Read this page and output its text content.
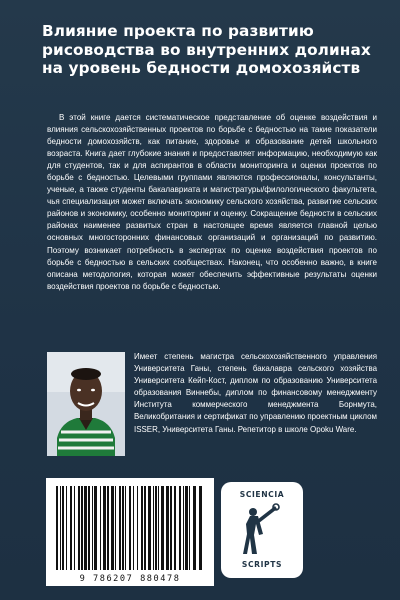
Влияние проекта по развитию рисоводства во внутренних долинах на уровень бедности домохозяйств

В этой книге дается систематическое представление об оценке воздействия и влияния сельскохозяйственных проектов по борьбе с бедностью на такие показатели бедности домохозяйств, как питание, здоровье и образование детей школьного возраста. Книга дает глубокие знания и предоставляет информацию, необходимую как для студентов, так и для аспирантов в области мониторинга и оценки проектов по борьбе с бедностью. Целевыми группами являются профессионалы, консультанты, ученые, а также студенты бакалавриата и магистратуры/филологического факультета, чья специализация может включать экономику сельского хозяйства, развитие сельских районов и экономику, особенно мониторинг и оценку. Сокращение бедности в сельских районах наименее развитых стран в настоящее время является главной целью основных многосторонних финансовых организаций и организаций по развитию. Поэтому возникает потребность в экспертах по оценке воздействия проектов по борьбе с бедностью в сельских сообществах. Наконец, что особенно важно, в книге описана методология, которая может обеспечить эффективные результаты оценки воздействия проектов по борьбе с бедностью.

Имеет степень магистра сельскохозяйственного управления Университета Ганы, степень бакалавра сельского хозяйства Университета Кейп-Кост, диплом по образованию Университета образования Виннебы, диплом по финансовому менеджменту Института коммерческого менеджмента Борнмута, Великобритания и сертификат по управлению проектным циклом ISSER, Университета Ганы. Репетитор в школе Opoku Ware.

9 786207 880478
SCIENCIA
SCRIPTS
